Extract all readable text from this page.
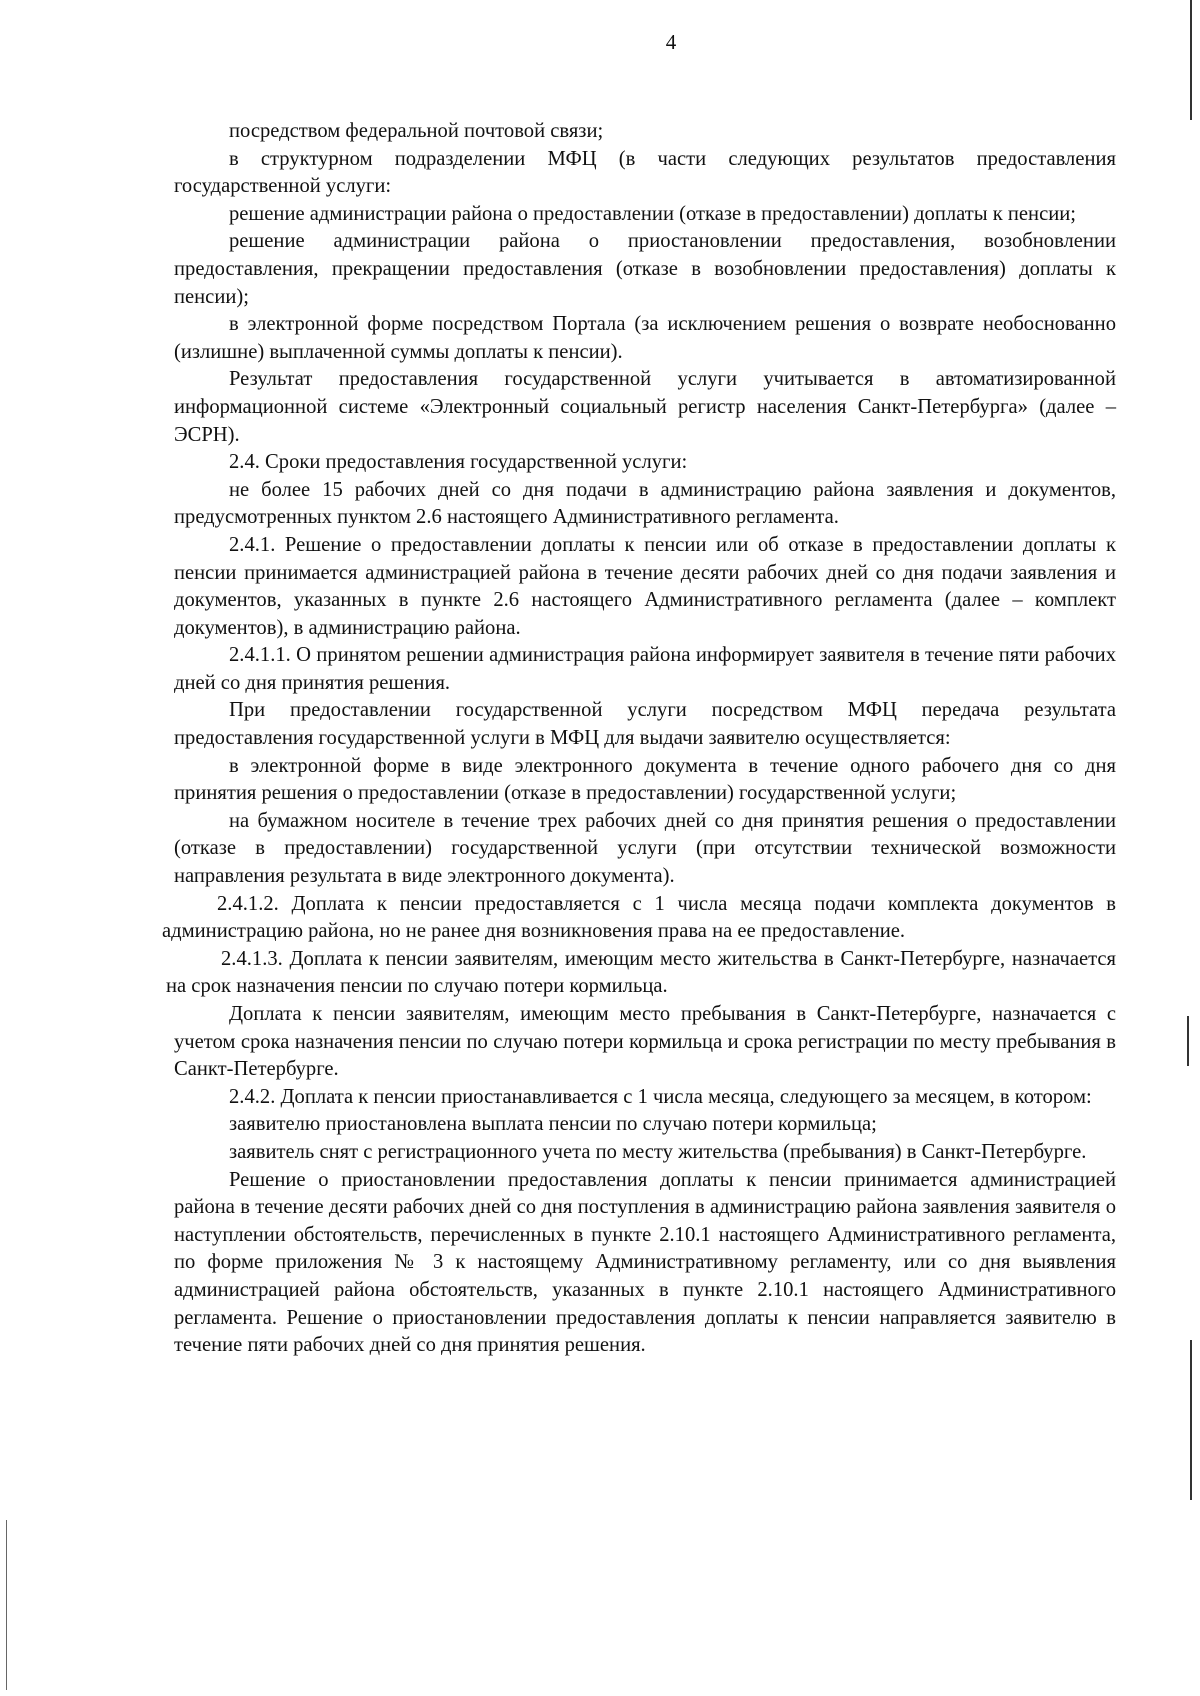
4

посредством федеральной почтовой связи;

в структурном подразделении МФЦ (в части следующих результатов предоставления государственной услуги:

решение администрации района о предоставлении (отказе в предоставлении) доплаты к пенсии;

решение администрации района о приостановлении предоставления, возобновлении предоставления, прекращении предоставления (отказе в возобновлении предоставления) доплаты к пенсии);

в электронной форме посредством Портала (за исключением решения о возврате необоснованно (излишне) выплаченной суммы доплаты к пенсии).

Результат предоставления государственной услуги учитывается в автоматизированной информационной системе «Электронный социальный регистр населения Санкт-Петербурга» (далее – ЭСРН).

2.4. Сроки предоставления государственной услуги:

не более 15 рабочих дней со дня подачи в администрацию района заявления и документов, предусмотренных пунктом 2.6 настоящего Административного регламента.

2.4.1. Решение о предоставлении доплаты к пенсии или об отказе в предоставлении доплаты к пенсии принимается администрацией района в течение десяти рабочих дней со дня подачи заявления и документов, указанных в пункте 2.6 настоящего Административного регламента (далее – комплект документов), в администрацию района.

2.4.1.1. О принятом решении администрация района информирует заявителя в течение пяти рабочих дней со дня принятия решения.

При предоставлении государственной услуги посредством МФЦ передача результата предоставления государственной услуги в МФЦ для выдачи заявителю осуществляется:

в электронной форме в виде электронного документа в течение одного рабочего дня со дня принятия решения о предоставлении (отказе в предоставлении) государственной услуги;

на бумажном носителе в течение трех рабочих дней со дня принятия решения о предоставлении (отказе в предоставлении) государственной услуги (при отсутствии технической возможности направления результата в виде электронного документа).

2.4.1.2. Доплата к пенсии предоставляется с 1 числа месяца подачи комплекта документов в администрацию района, но не ранее дня возникновения права на ее предоставление.

2.4.1.3. Доплата к пенсии заявителям, имеющим место жительства в Санкт-Петербурге, назначается на срок назначения пенсии по случаю потери кормильца.

Доплата к пенсии заявителям, имеющим место пребывания в Санкт-Петербурге, назначается с учетом срока назначения пенсии по случаю потери кормильца и срока регистрации по месту пребывания в Санкт-Петербурге.

2.4.2. Доплата к пенсии приостанавливается с 1 числа месяца, следующего за месяцем, в котором:

заявителю приостановлена выплата пенсии по случаю потери кормильца;

заявитель снят с регистрационного учета по месту жительства (пребывания) в Санкт-Петербурге.

Решение о приостановлении предоставления доплаты к пенсии принимается администрацией района в течение десяти рабочих дней со дня поступления в администрацию района заявления заявителя о наступлении обстоятельств, перечисленных в пункте 2.10.1 настоящего Административного регламента, по форме приложения № 3 к настоящему Административному регламенту, или со дня выявления администрацией района обстоятельств, указанных в пункте 2.10.1 настоящего Административного регламента. Решение о приостановлении предоставления доплаты к пенсии направляется заявителю в течение пяти рабочих дней со дня принятия решения.
